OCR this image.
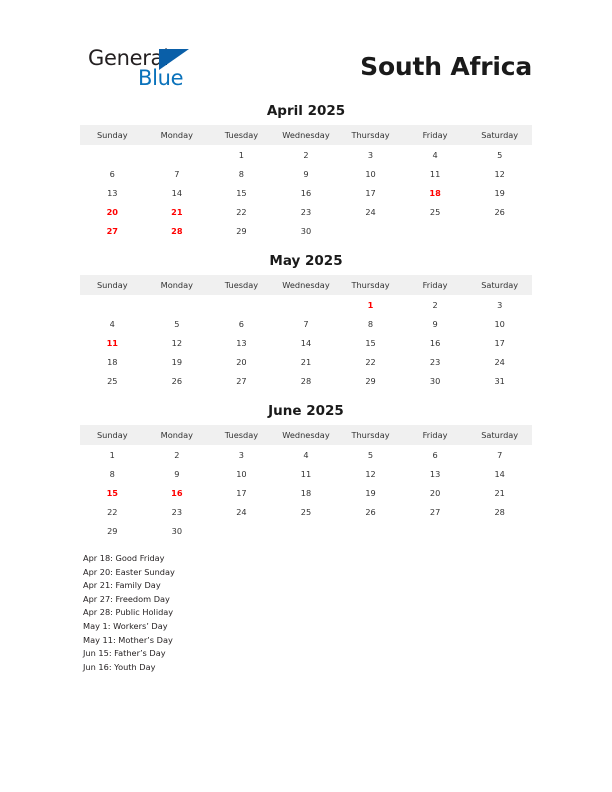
General
Blue	South Africa
April 2025
Sunday	Monday	Tuesday	Wednesday	Thursday	Friday	Saturday
		1	2	3	4	5
6	7	8	9	10	11	12
13	14	15	16	17	18	19
20	21	22	23	24	25	26
27	28	29	30			
May 2025
Sunday	Monday	Tuesday	Wednesday	Thursday	Friday	Saturday
				1	2	3
4	5	6	7	8	9	10
11	12	13	14	15	16	17
18	19	20	21	22	23	24
25	26	27	28	29	30	31
June 2025
Sunday	Monday	Tuesday	Wednesday	Thursday	Friday	Saturday
1	2	3	4	5	6	7
8	9	10	11	12	13	14
15	16	17	18	19	20	21
22	23	24	25	26	27	28
29	30					
Apr 18: Good Friday
Apr 20: Easter Sunday
Apr 21: Family Day
Apr 27: Freedom Day
Apr 28: Public Holiday
May 1: Workers’ Day
May 11: Mother’s Day
Jun 15: Father’s Day
Jun 16: Youth Day
